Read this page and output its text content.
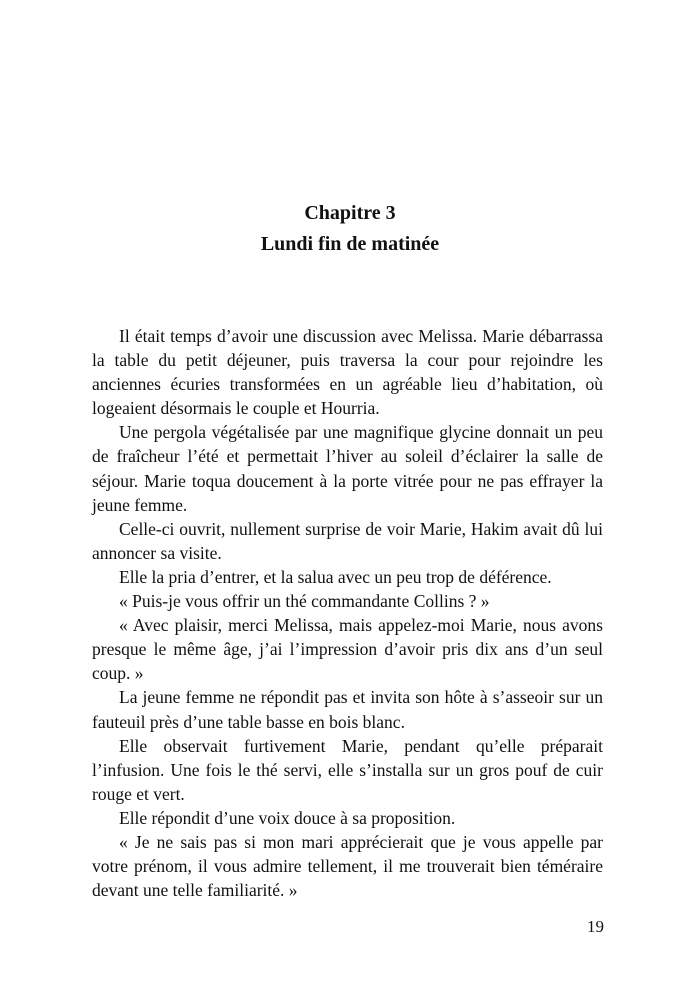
Chapitre 3
Lundi fin de matinée

Il était temps d’avoir une discussion avec Melissa. Marie débarrassa la table du petit déjeuner, puis traversa la cour pour rejoindre les anciennes écuries transformées en un agréable lieu d’habitation, où logeaient désormais le couple et Hourria.

Une pergola végétalisée par une magnifique glycine donnait un peu de fraîcheur l’été et permettait l’hiver au soleil d’éclairer la salle de séjour. Marie toqua doucement à la porte vitrée pour ne pas effrayer la jeune femme.

Celle-ci ouvrit, nullement surprise de voir Marie, Hakim avait dû lui annoncer sa visite.

Elle la pria d’entrer, et la salua avec un peu trop de déférence.

« Puis-je vous offrir un thé commandante Collins ? »

« Avec plaisir, merci Melissa, mais appelez-moi Marie, nous avons presque le même âge, j’ai l’impression d’avoir pris dix ans d’un seul coup. »

La jeune femme ne répondit pas et invita son hôte à s’asseoir sur un fauteuil près d’une table basse en bois blanc.

Elle observait furtivement Marie, pendant qu’elle préparait l’infusion. Une fois le thé servi, elle s’installa sur un gros pouf de cuir rouge et vert.

Elle répondit d’une voix douce à sa proposition.

« Je ne sais pas si mon mari apprécierait que je vous appelle par votre prénom, il vous admire tellement, il me trouverait bien téméraire devant une telle familiarité. »

19
